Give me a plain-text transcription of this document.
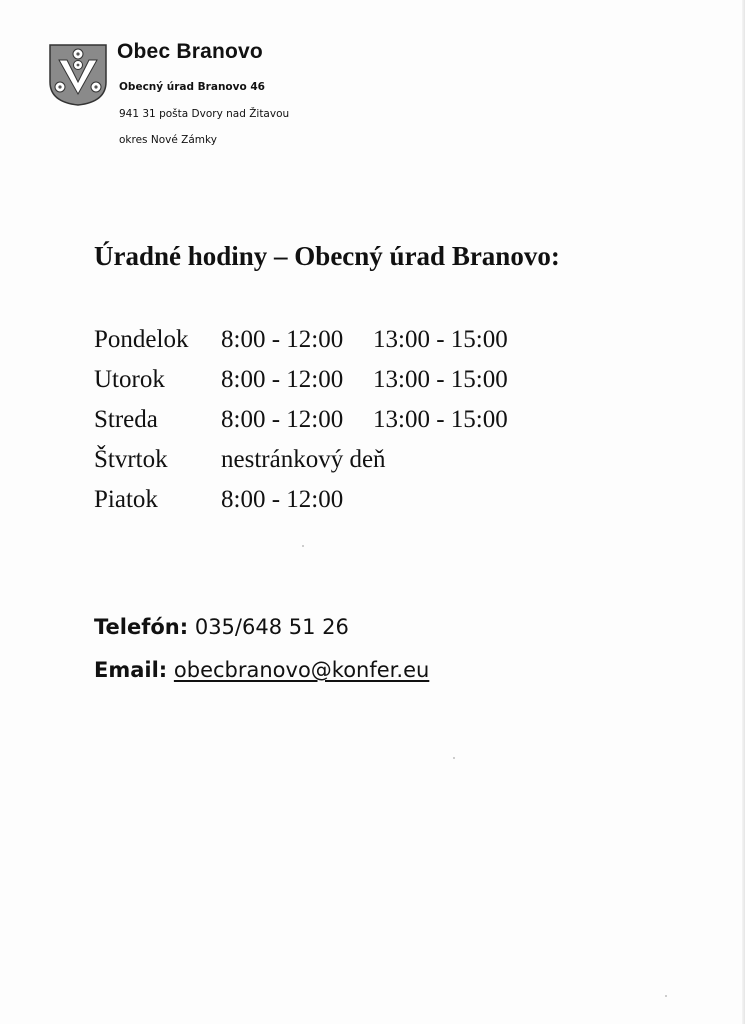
Obec Branovo
Obecný úrad Branovo 46
941 31 pošta Dvory nad Žitavou
okres Nové Zámky
Úradné hodiny – Obecný úrad Branovo:
Pondelok 8:00 - 12:00 13:00 - 15:00
Utorok 8:00 - 12:00 13:00 - 15:00
Streda	8:00 - 12:00 13:00 - 15:00
Štvrtok nestránkový deň
Piatok	8:00 - 12:00
Telefón: 035/648 51 26
Email: obecbranovo@konfer.eu
